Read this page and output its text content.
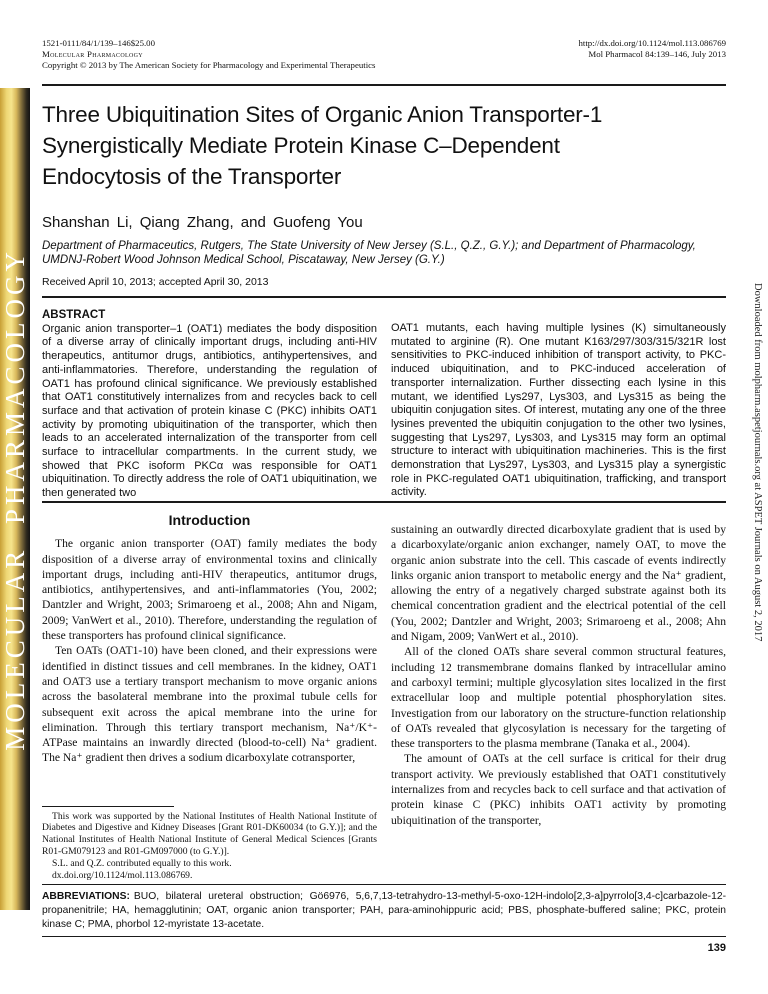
MOLECULAR PHARMACOLOGY	Downloaded from molpharm.aspetjournals.org at ASPET Journals on August 2, 2017
1521-0111/84/1/139–146$25.00
Molecular Pharmacology
Copyright © 2013 by The American Society for Pharmacology and Experimental Therapeutics
http://dx.doi.org/10.1124/mol.113.086769
Mol Pharmacol 84:139–146, July 2013
Three Ubiquitination Sites of Organic Anion Transporter-1
Synergistically Mediate Protein Kinase C–Dependent
Endocytosis of the Transporter
Shanshan Li, Qiang Zhang, and Guofeng You
Department of Pharmaceutics, Rutgers, The State University of New Jersey (S.L., Q.Z., G.Y.); and Department of Pharmacology,
UMDNJ-Robert Wood Johnson Medical School, Piscataway, New Jersey (G.Y.)
Received April 10, 2013; accepted April 30, 2013
ABSTRACT
Organic anion transporter–1 (OAT1) mediates the body disposition of a diverse array of clinically important drugs, including anti-HIV therapeutics, antitumor drugs, antibiotics, antihypertensives, and anti-inflammatories. Therefore, understanding the regulation of OAT1 has profound clinical significance. We previously established that OAT1 constitutively internalizes from and recycles back to cell surface and that activation of protein kinase C (PKC) inhibits OAT1 activity by promoting ubiquitination of the transporter, which then leads to an accelerated internalization of the transporter from cell surface to intracellular compartments. In the current study, we showed that PKC isoform PKCα was responsible for OAT1 ubiquitination. To directly address the role of OAT1 ubiquitination, we then generated two
OAT1 mutants, each having multiple lysines (K) simultaneously mutated to arginine (R). One mutant K163/297/303/315/321R lost sensitivities to PKC-induced inhibition of transport activity, to PKC-induced ubiquitination, and to PKC-induced acceleration of transporter internalization. Further dissecting each lysine in this mutant, we identified Lys297, Lys303, and Lys315 as being the ubiquitin conjugation sites. Of interest, mutating any one of the three lysines prevented the ubiquitin conjugation to the other two lysines, suggesting that Lys297, Lys303, and Lys315 may form an optimal structure to interact with ubiquitination machineries. This is the first demonstration that Lys297, Lys303, and Lys315 play a synergistic role in PKC-regulated OAT1 ubiquitination, trafficking, and transport activity.
Introduction

The organic anion transporter (OAT) family mediates the body disposition of a diverse array of environmental toxins and clinically important drugs, including anti-HIV therapeutics, antitumor drugs, antibiotics, antihypertensives, and anti-inflammatories (You, 2002; Dantzler and Wright, 2003; Srimaroeng et al., 2008; Ahn and Nigam, 2009; VanWert et al., 2010). Therefore, understanding the regulation of these transporters has profound clinical significance.

Ten OATs (OAT1-10) have been cloned, and their expressions were identified in distinct tissues and cell membranes. In the kidney, OAT1 and OAT3 use a tertiary transport mechanism to move organic anions across the basolateral membrane into the proximal tubule cells for subsequent exit across the apical membrane into the urine for elimination. Through this tertiary transport mechanism, Na⁺/K⁺-ATPase maintains an inwardly directed (blood-to-cell) Na⁺ gradient. The Na⁺ gradient then drives a sodium dicarboxylate cotransporter,

This work was supported by the National Institutes of Health National Institute of Diabetes and Digestive and Kidney Diseases [Grant R01-DK60034 (to G.Y.)]; and the National Institutes of Health National Institute of General Medical Sciences [Grants R01-GM079123 and R01-GM097000 (to G.Y.)].

S.L. and Q.Z. contributed equally to this work.

dx.doi.org/10.1124/mol.113.086769.

sustaining an outwardly directed dicarboxylate gradient that is used by a dicarboxylate/organic anion exchanger, namely OAT, to move the organic anion substrate into the cell. This cascade of events indirectly links organic anion transport to metabolic energy and the Na⁺ gradient, allowing the entry of a negatively charged substrate against both its chemical concentration gradient and the electrical potential of the cell (You, 2002; Dantzler and Wright, 2003; Srimaroeng et al., 2008; Ahn and Nigam, 2009; VanWert et al., 2010).

All of the cloned OATs share several common structural features, including 12 transmembrane domains flanked by intracellular amino and carboxyl termini; multiple glycosylation sites localized in the first extracellular loop and multiple potential phosphorylation sites. Investigation from our laboratory on the structure-function relationship of OATs revealed that glycosylation is necessary for the targeting of these transporters to the plasma membrane (Tanaka et al., 2004).

The amount of OATs at the cell surface is critical for their drug transport activity. We previously established that OAT1 constitutively internalizes from and recycles back to cell surface and that activation of protein kinase C (PKC) inhibits OAT1 activity by promoting ubiquitination of the transporter,

ABBREVIATIONS: BUO, bilateral ureteral obstruction; Gö6976, 5,6,7,13-tetrahydro-13-methyl-5-oxo-12H-indolo[2,3-a]pyrrolo[3,4-c]carbazole-12-propanenitrile; HA, hemagglutinin; OAT, organic anion transporter; PAH, para-aminohippuric acid; PBS, phosphate-buffered saline; PKC, protein kinase C; PMA, phorbol 12-myristate 13-acetate.
139
